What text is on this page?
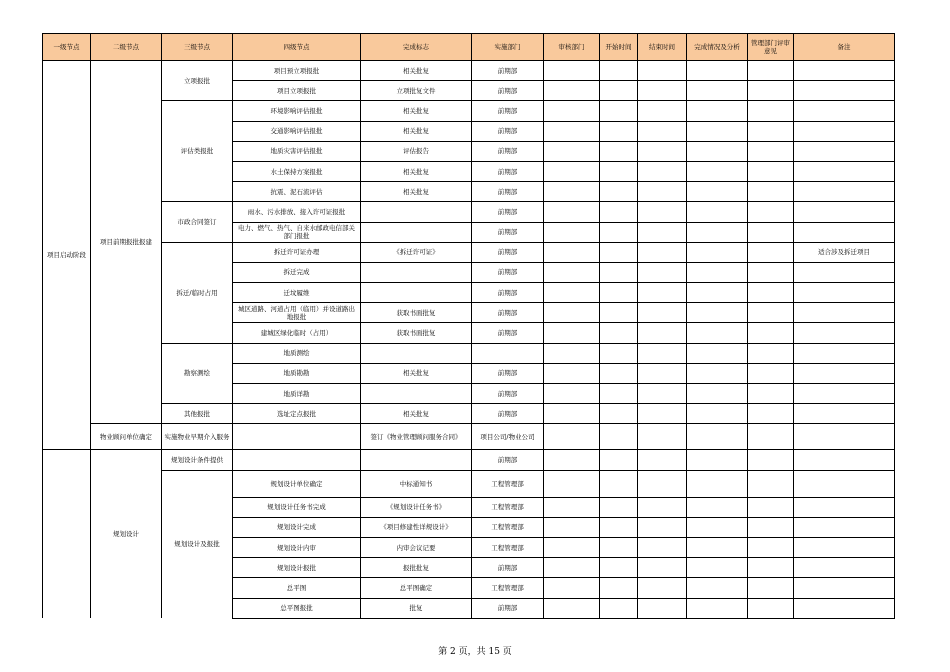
一级节点	二级节点	三级节点	四级节点	完成标志	实施部门	审核部门	开始时间	结束时间	完成情况及分析	管理部门评审意见	备注
项目启动阶段	项目前期报批报建	立项报批	项目预立项报批	相关批复	前期部						
			项目立项报批	立项批复文件	前期部						
		评估类报批	环境影响评估报批	相关批复	前期部						
			交通影响评估报批	相关批复	前期部						
			地质灾害评估报批	评估报告	前期部						
			水土保持方案报批	相关批复	前期部						
			抗震、泥石流评估	相关批复	前期部						
		市政合同签订	雨水、污水排放、接入许可证报批		前期部						
			电力、燃气、热气、自来水邮政电信部关部门报批		前期部						
		拆迁/临时占用	拆迁许可证办理	《拆迁许可证》	前期部						适合涉及拆迁项目
			拆迁完成		前期部						
			迁坟履维		前期部						
			城区道路、河道占用（临用）并设道路出地报批	获取书面批复	前期部						
			建城区绿化临时（占用）	获取书面批复	前期部						
		勘察测绘	地质测绘								
			地质勘勘	相关批复	前期部						
			地质详勘		前期部						
		其他报批	选址定点报批	相关批复	前期部						
	物业顾问单位确定	实施物业早期介入服务		签订《物业管理顾问服务合同》	项目公司/物业公司						
	规划设计	规划设计条件提供			前期部						
		规划设计及报批	规划设计单位确定	中标通知书	工程管理部						
			规划设计任务书完成	《规划设计任务书》	工程管理部						
			规划设计完成	《项目修建性详规设计》	工程管理部						
			规划设计内审	内审会议记要	工程管理部						
			规划设计报批	报批批复	前期部						
			总平图	总平图确定	工程管理部						
			总平图报批	批复	前期部						
第 2 页，共 15 页
